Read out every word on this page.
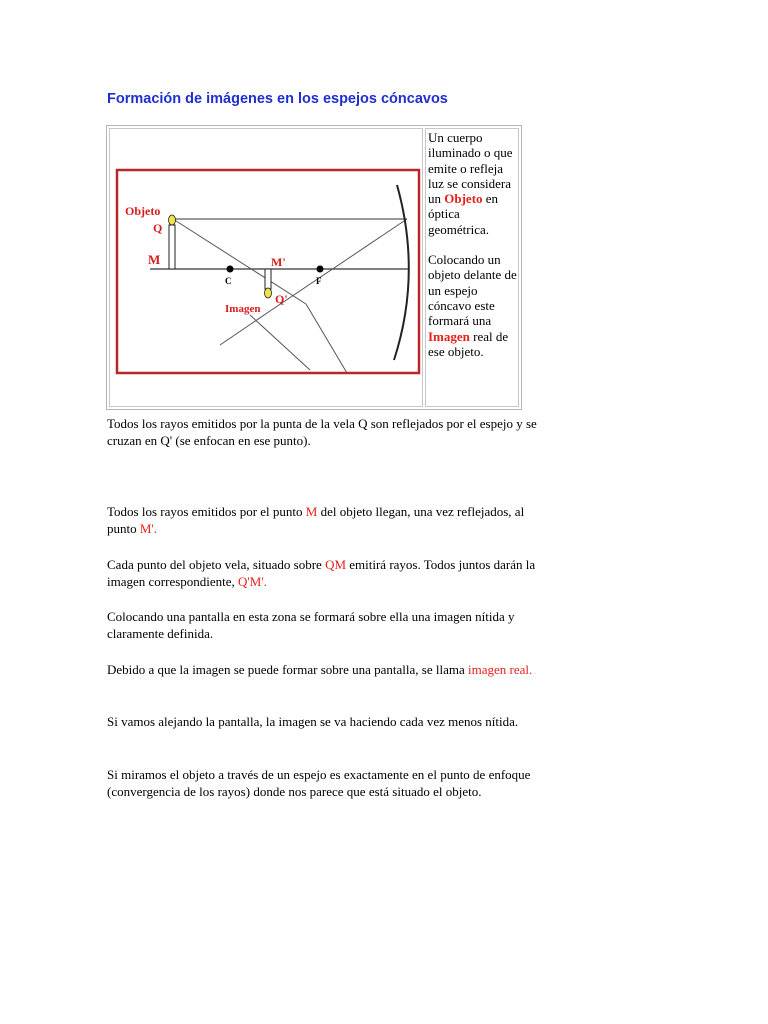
Formación de imágenes en los espejos cóncavos
Objeto
Q
M
C	F
M'
Imagen
Q'

Un cuerpo iluminado o que emite o refleja luz se considera un Objeto en óptica geométrica.

Colocando un objeto delante de un espejo cóncavo este formará una Imagen real de ese objeto.

Todos los rayos emitidos por la punta de la vela Q son reflejados por el espejo y se cruzan en Q' (se enfocan en ese punto).

Todos los rayos emitidos por el punto M del objeto llegan, una vez reflejados, al punto M'.

Cada punto del objeto vela, situado sobre QM emitirá rayos. Todos juntos darán la imagen correspondiente, Q'M'.

Colocando una pantalla en esta zona se formará sobre ella una imagen nítida y claramente definida.

Debido a que la imagen se puede formar sobre una pantalla, se llama imagen real.

Si vamos alejando la pantalla, la imagen se va haciendo cada vez menos nítida.

Si miramos el objeto a través de un espejo es exactamente en el punto de enfoque (convergencia de los rayos) donde nos parece que está situado el objeto.
